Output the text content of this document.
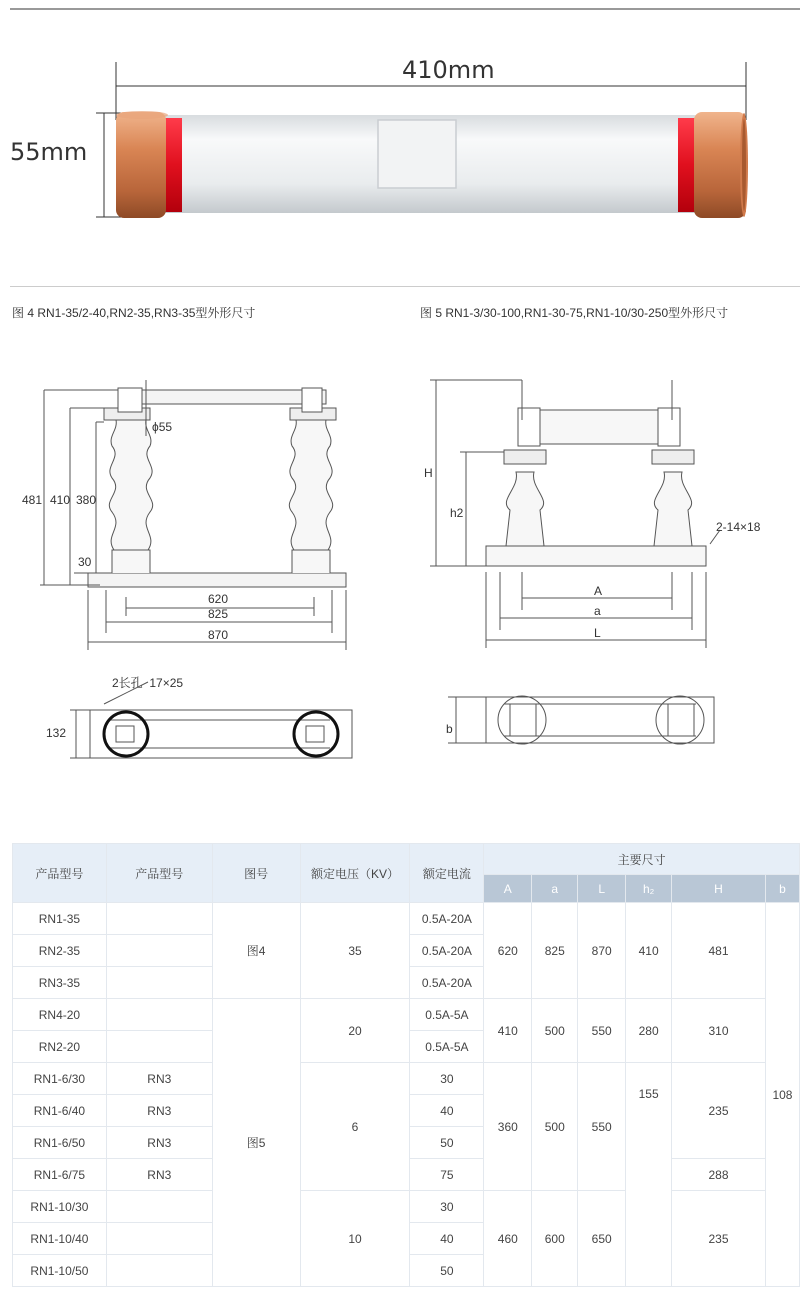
410mm
55mm
图 4 RN1-35/2-40,RN2-35,RN3-35型外形尺寸
481 410 380
30
ϕ55
620
825
870
2长孔  17×25
132
图 5 RN1-3/30-100,RN1-30-75,RN1-10/30-250型外形尺寸
H
h2
2-14×18
A
a
L
b
产品型号	产品型号	图号	额定电压（KV）	额定电流	主要尺寸					
					A	a	L	h₂	H	b
RN1-35		图4	35	0.5A-20A	620	825	870	410	481	108
RN2-35				0.5A-20A						
RN3-35				0.5A-20A						
RN4-20		图5	20	0.5A-5A	410	500	550	280	310	
RN2-20				0.5A-5A						
RN1-6/30	RN3		6	30	360	500	550	155	235	
RN1-6/40	RN3			40						
RN1-6/50	RN3			50						
RN1-6/75	RN3			75					288	
RN1-10/30			10	30	460	600	650		235	
RN1-10/40				40						
RN1-10/50				50						
